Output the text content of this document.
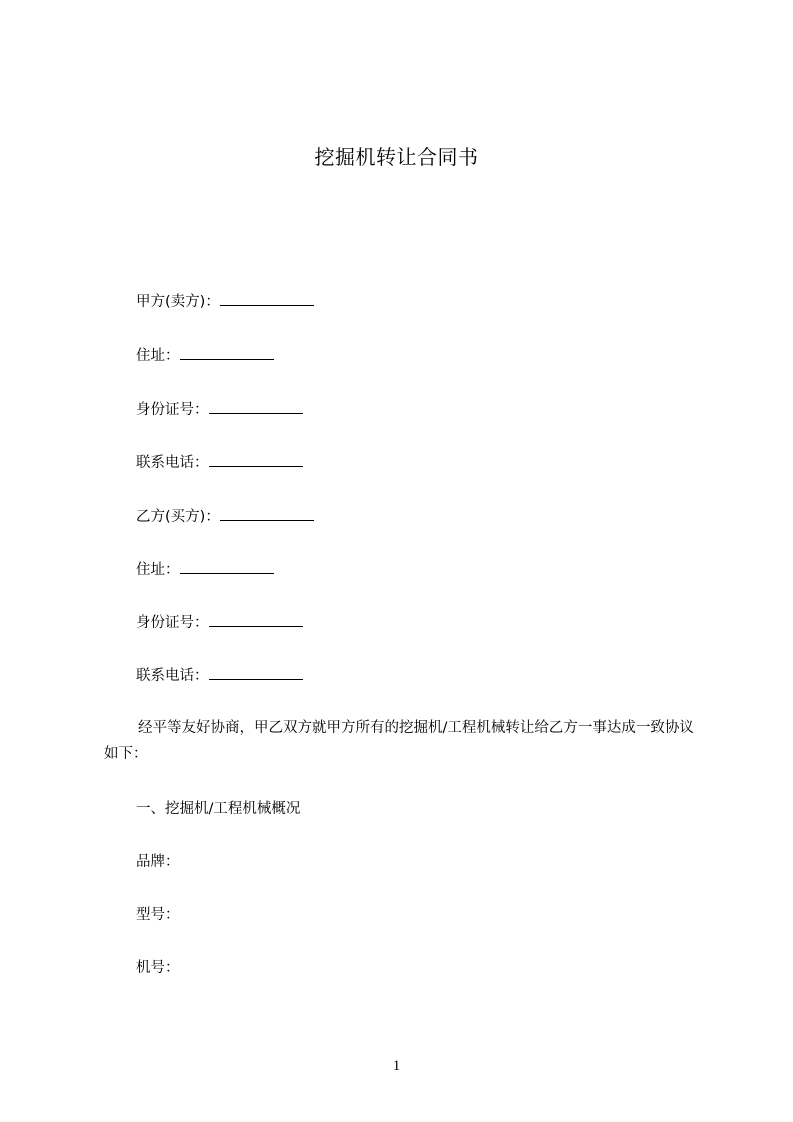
挖掘机转让合同书
甲方(卖方)：
住址：
身份证号：
联系电话：
乙方(买方)：
住址：
身份证号：
联系电话：
经平等友好协商，甲乙双方就甲方所有的挖掘机/工程机械转让给乙方一事达成一致协议如下：
一、挖掘机/工程机械概况
品牌：
型号：
机号：
1
